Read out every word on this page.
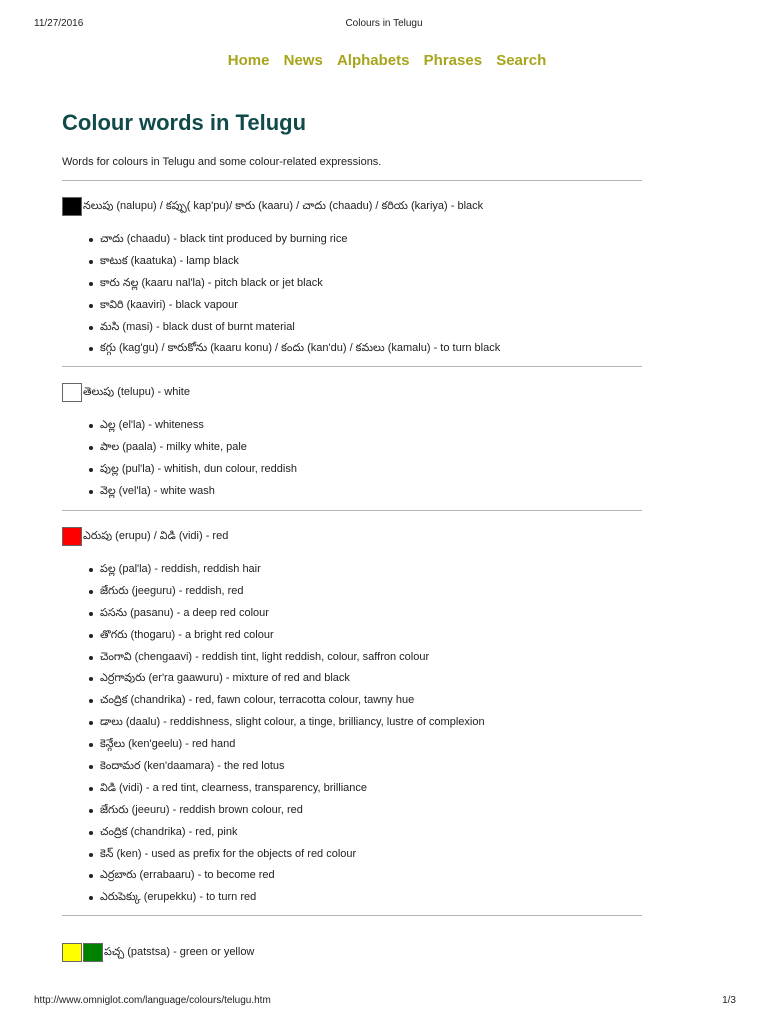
11/27/2016	Colours in Telugu
Home News Alphabets Phrases Search
Colour words in Telugu
Words for colours in Telugu and some colour-related expressions.
నలుపు (nalupu) / కప్పు( kap'pu)/ కారు (kaaru) / చాదు (chaadu) / కరియ (kariya) - black
చాదు (chaadu) - black tint produced by burning rice
కాటుక (kaatuka) - lamp black
కారు నల్ల (kaaru nal'la) - pitch black or jet black
కావిరి (kaaviri) - black vapour
మసి (masi) - black dust of burnt material
కగ్గు (kag'gu) / కారుకోను (kaaru konu) / కందు (kan'du) / కమలు (kamalu) - to turn black
తెలుపు (telupu) - white
ఎల్ల (el'la) - whiteness
పాల (paala) - milky white, pale
పుల్ల (pul'la) - whitish, dun colour, reddish
వెల్ల (vel'la) - white wash
ఎరుపు (erupu) / విడి (vidi) - red
పల్ల (pal'la) - reddish, reddish hair
జేగురు (jeeguru) - reddish, red
పసను (pasanu) - a deep red colour
తొగరు (thogaru) - a bright red colour
చెంగావి (chengaavi) - reddish tint, light reddish, colour, saffron colour
ఎర్రగావురు (er'ra gaawuru) - mixture of red and black
చంద్రిక (chandrika) - red, fawn colour, terracotta colour, tawny hue
డాలు (daalu) - reddishness, slight colour, a tinge, brilliancy, lustre of complexion
కెన్గేలు (ken'geelu) - red hand
కెందామర (ken'daamara) - the red lotus
విడి (vidi) - a red tint, clearness, transparency, brilliance
జేగురు (jeeuru) - reddish brown colour, red
చంద్రిక (chandrika) - red, pink
కెన్ (ken) - used as prefix for the objects of red colour
ఎర్రబారు (errabaaru) - to become red
ఎరుపెక్కు (erupekku) - to turn red
పచ్చ (patstsa) - green or yellow
http://www.omniglot.com/language/colours/telugu.htm	1/3
